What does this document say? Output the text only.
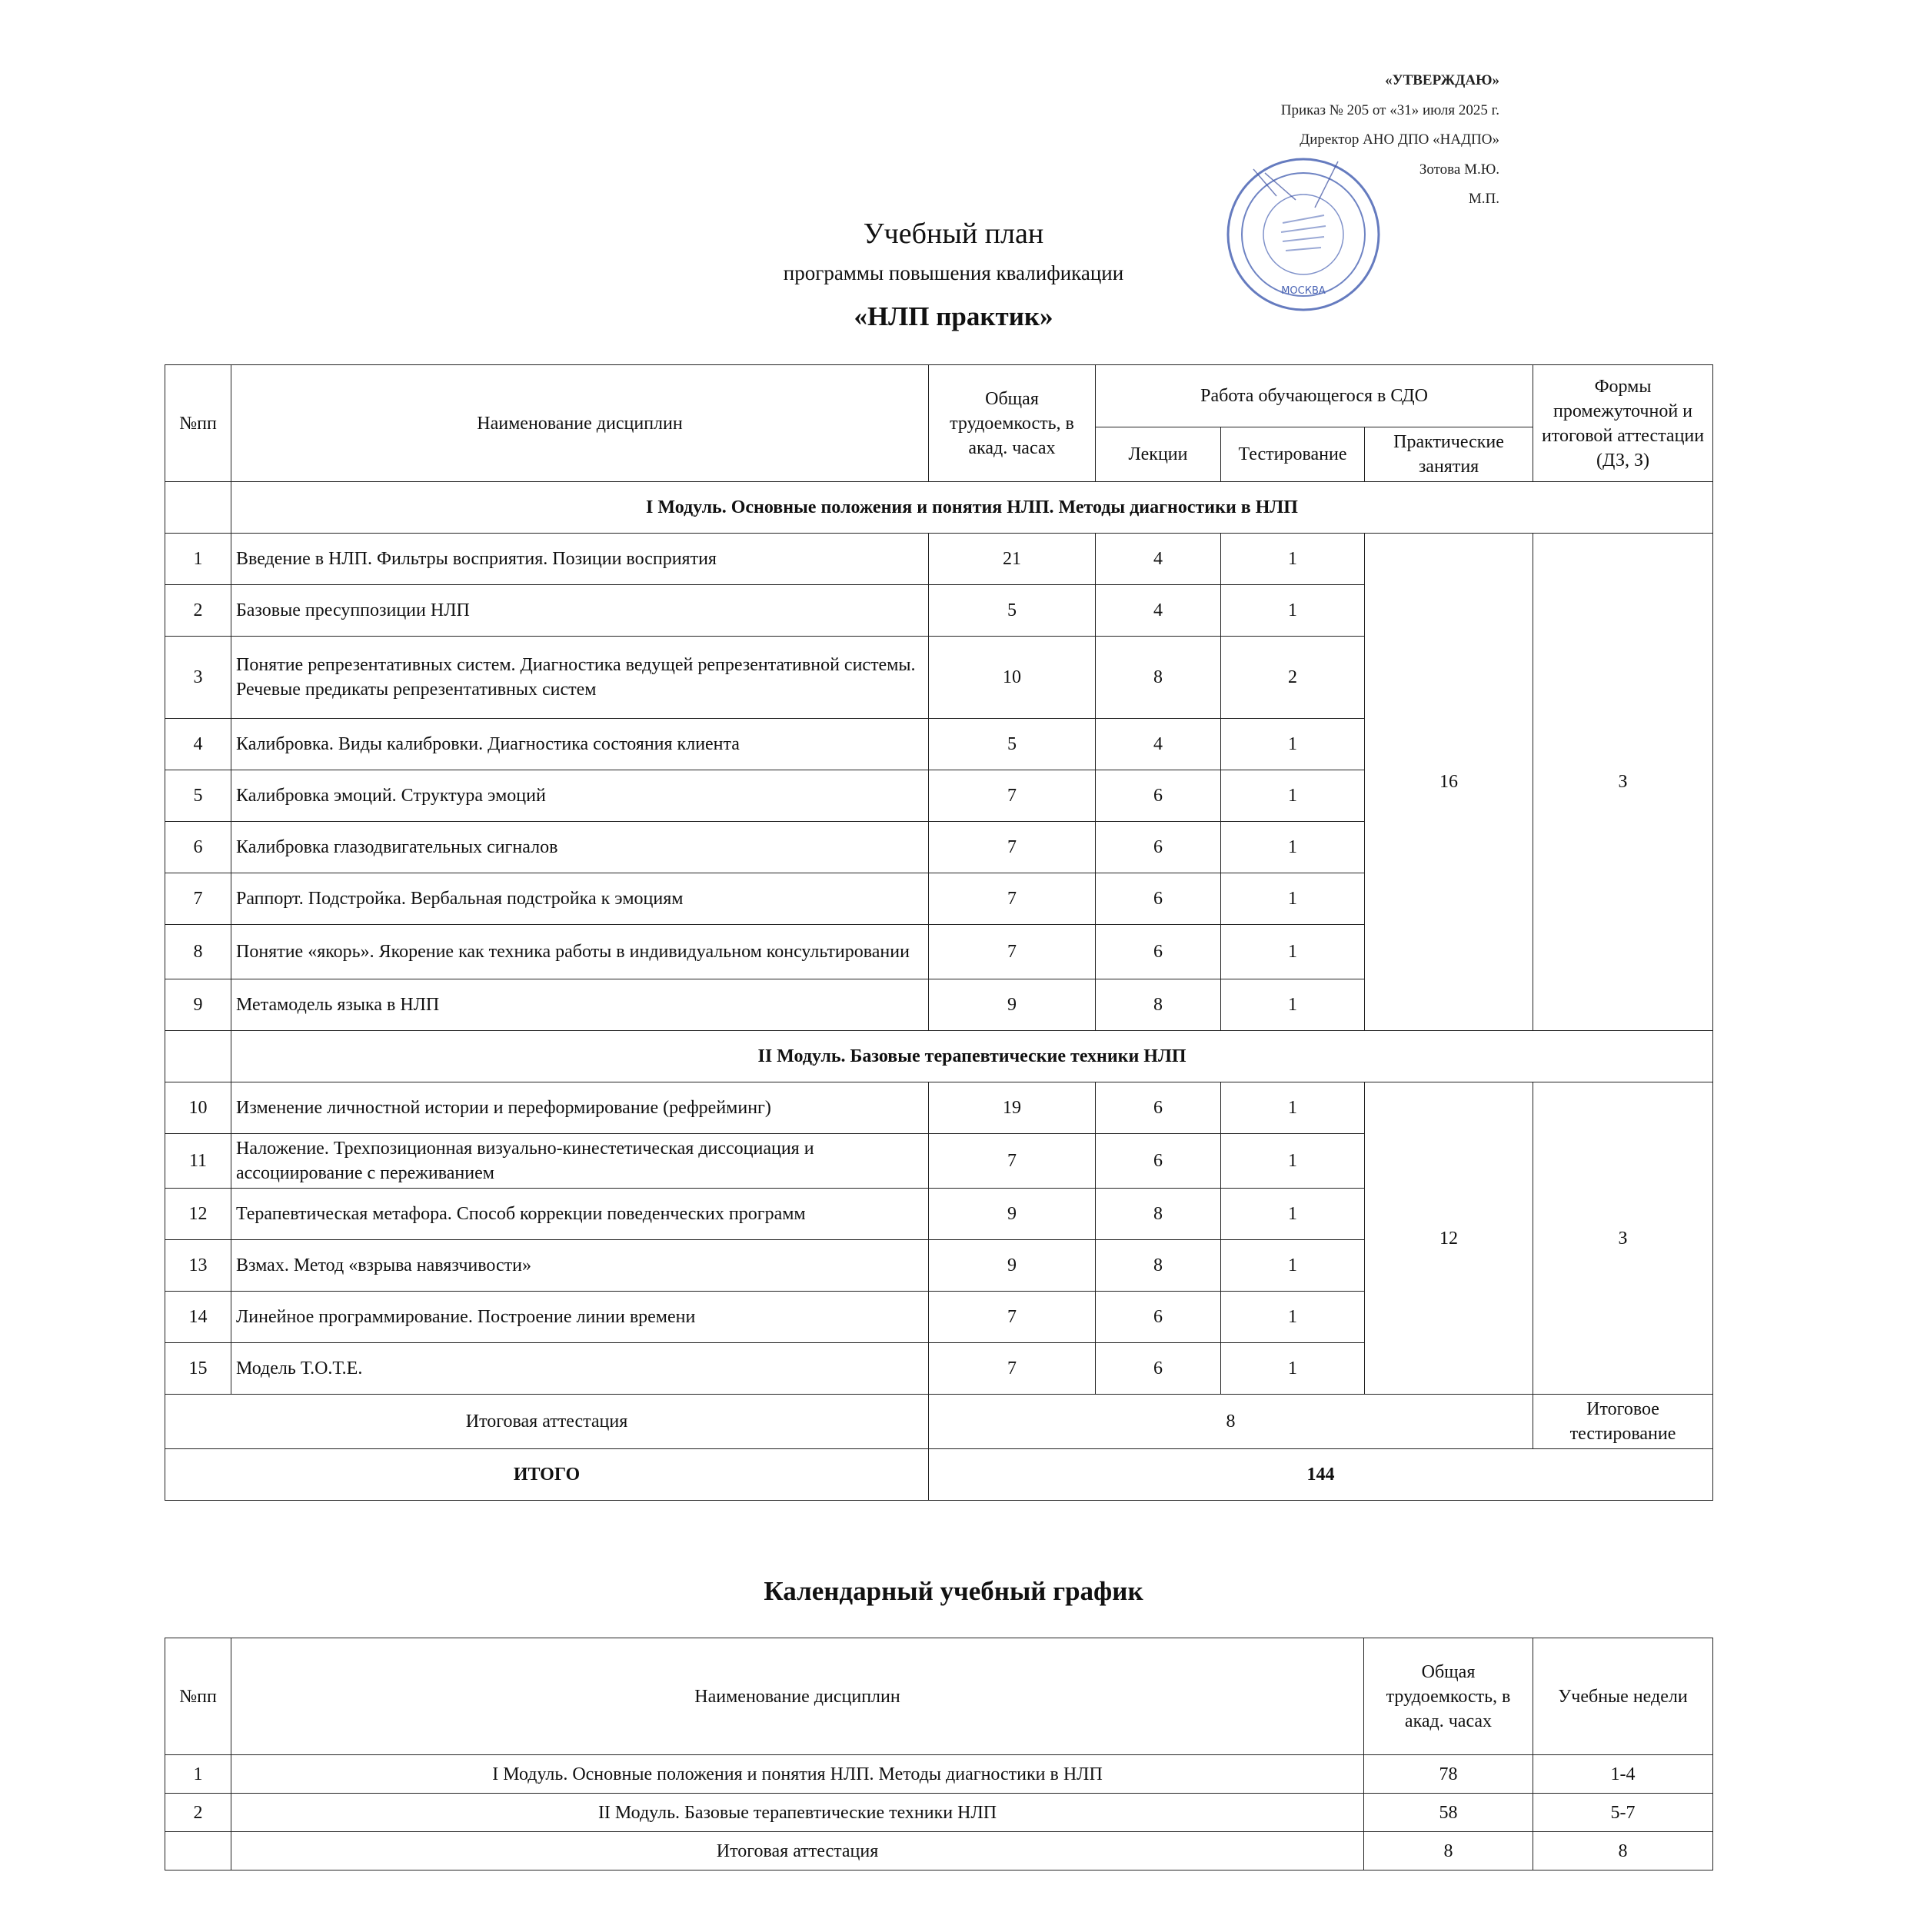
«УТВЕРЖДАЮ»
Приказ № 205 от «31» июля 2025 г.
Директор АНО ДПО «НАДПО»
Зотова М.Ю.
М.П.
МОСКВА
Учебный план
программы повышения квалификации
«НЛП практик»
№пп	Наименование дисциплин	Общая трудоемкость, в акад. часах	Работа обучающегося в СДО			Формы промежуточной и итоговой аттестации (ДЗ, З)
			Лекции	Тестирование	Практические занятия	
	I Модуль. Основные положения и понятия НЛП. Методы диагностики в НЛП					
1	Введение в НЛП. Фильтры восприятия. Позиции восприятия	21	4	1	16	З
2	Базовые пресуппозиции НЛП	5	4	1		
3	Понятие репрезентативных систем. Диагностика ведущей репрезентативной системы. Речевые предикаты репрезентативных систем	10	8	2		
4	Калибровка. Виды калибровки. Диагностика состояния клиента	5	4	1		
5	Калибровка эмоций. Структура эмоций	7	6	1		
6	Калибровка глазодвигательных сигналов	7	6	1		
7	Раппорт. Подстройка. Вербальная подстройка к эмоциям	7	6	1		
8	Понятие «якорь». Якорение как техника работы в индивидуальном консультировании	7	6	1		
9	Метамодель языка в НЛП	9	8	1		
	II Модуль. Базовые терапевтические техники НЛП					
10	Изменение личностной истории и переформирование (рефрейминг)	19	6	1	12	З
11	Наложение. Трехпозиционная визуально-кинестетическая диссоциация и ассоциирование с переживанием	7	6	1		
12	Терапевтическая метафора. Способ коррекции поведенческих программ	9	8	1		
13	Взмах. Метод «взрыва навязчивости»	9	8	1		
14	Линейное программирование. Построение линии времени	7	6	1		
15	Модель Т.О.Т.Е.	7	6	1		
Итоговая аттестация		8				Итоговое тестирование
ИТОГО		144				
Календарный учебный график
№пп	Наименование дисциплин	Общая трудоемкость, в акад. часах	Учебные недели
1	I Модуль. Основные положения и понятия НЛП. Методы диагностики в НЛП	78	1-4
2	II Модуль. Базовые терапевтические техники НЛП	58	5-7
	Итоговая аттестация	8	8
